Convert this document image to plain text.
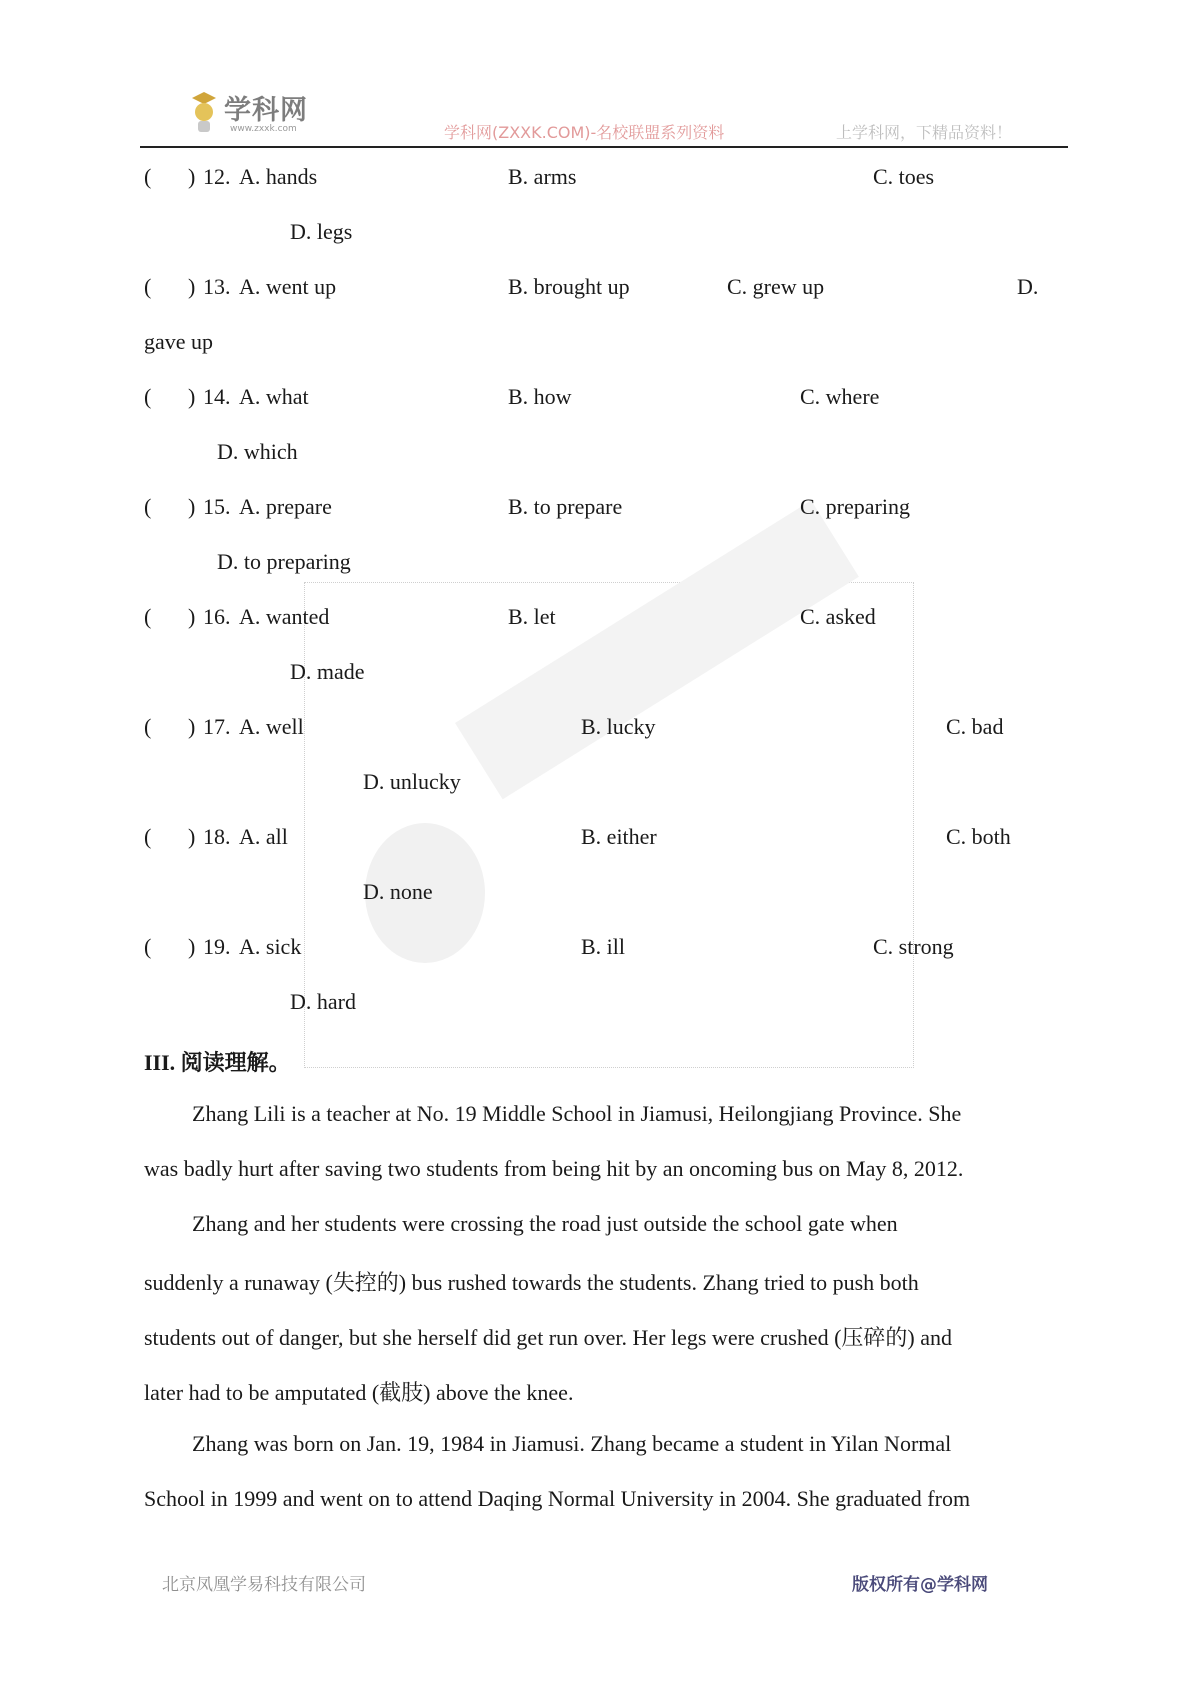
学科网
www.zxxk.com	学科网(ZXXK.COM)-名校联盟系列资料	上学科网，下精品资料！
( ) 12. A. hands	B. arms	C. toes
D. legs
( ) 13. A. went up	B. brought up	C. grew up	D.
gave up
( ) 14. A. what	B. how	C. where
D. which
( ) 15. A. prepare	B. to prepare	C. preparing
D. to preparing
( ) 16. A. wanted	B. let	C. asked
D. made
( ) 17. A. well	B. lucky	C. bad
D. unlucky
( ) 18. A. all	B. either	C. both
D. none
( ) 19. A. sick	B. ill	C. strong
D. hard
III. 阅读理解。
Zhang Lili is a teacher at No. 19 Middle School in Jiamusi, Heilongjiang Province. She
was badly hurt after saving two students from being hit by an oncoming bus on May 8, 2012.
Zhang and her students were crossing the road just outside the school gate when
suddenly a runaway (失控的) bus rushed towards the students. Zhang tried to push both
students out of danger, but she herself did get run over. Her legs were crushed (压碎的) and
later had to be amputated (截肢) above the knee.
Zhang was born on Jan. 19, 1984 in Jiamusi. Zhang became a student in Yilan Normal
School in 1999 and went on to attend Daqing Normal University in 2004. She graduated from
北京凤凰学易科技有限公司	版权所有@学科网
